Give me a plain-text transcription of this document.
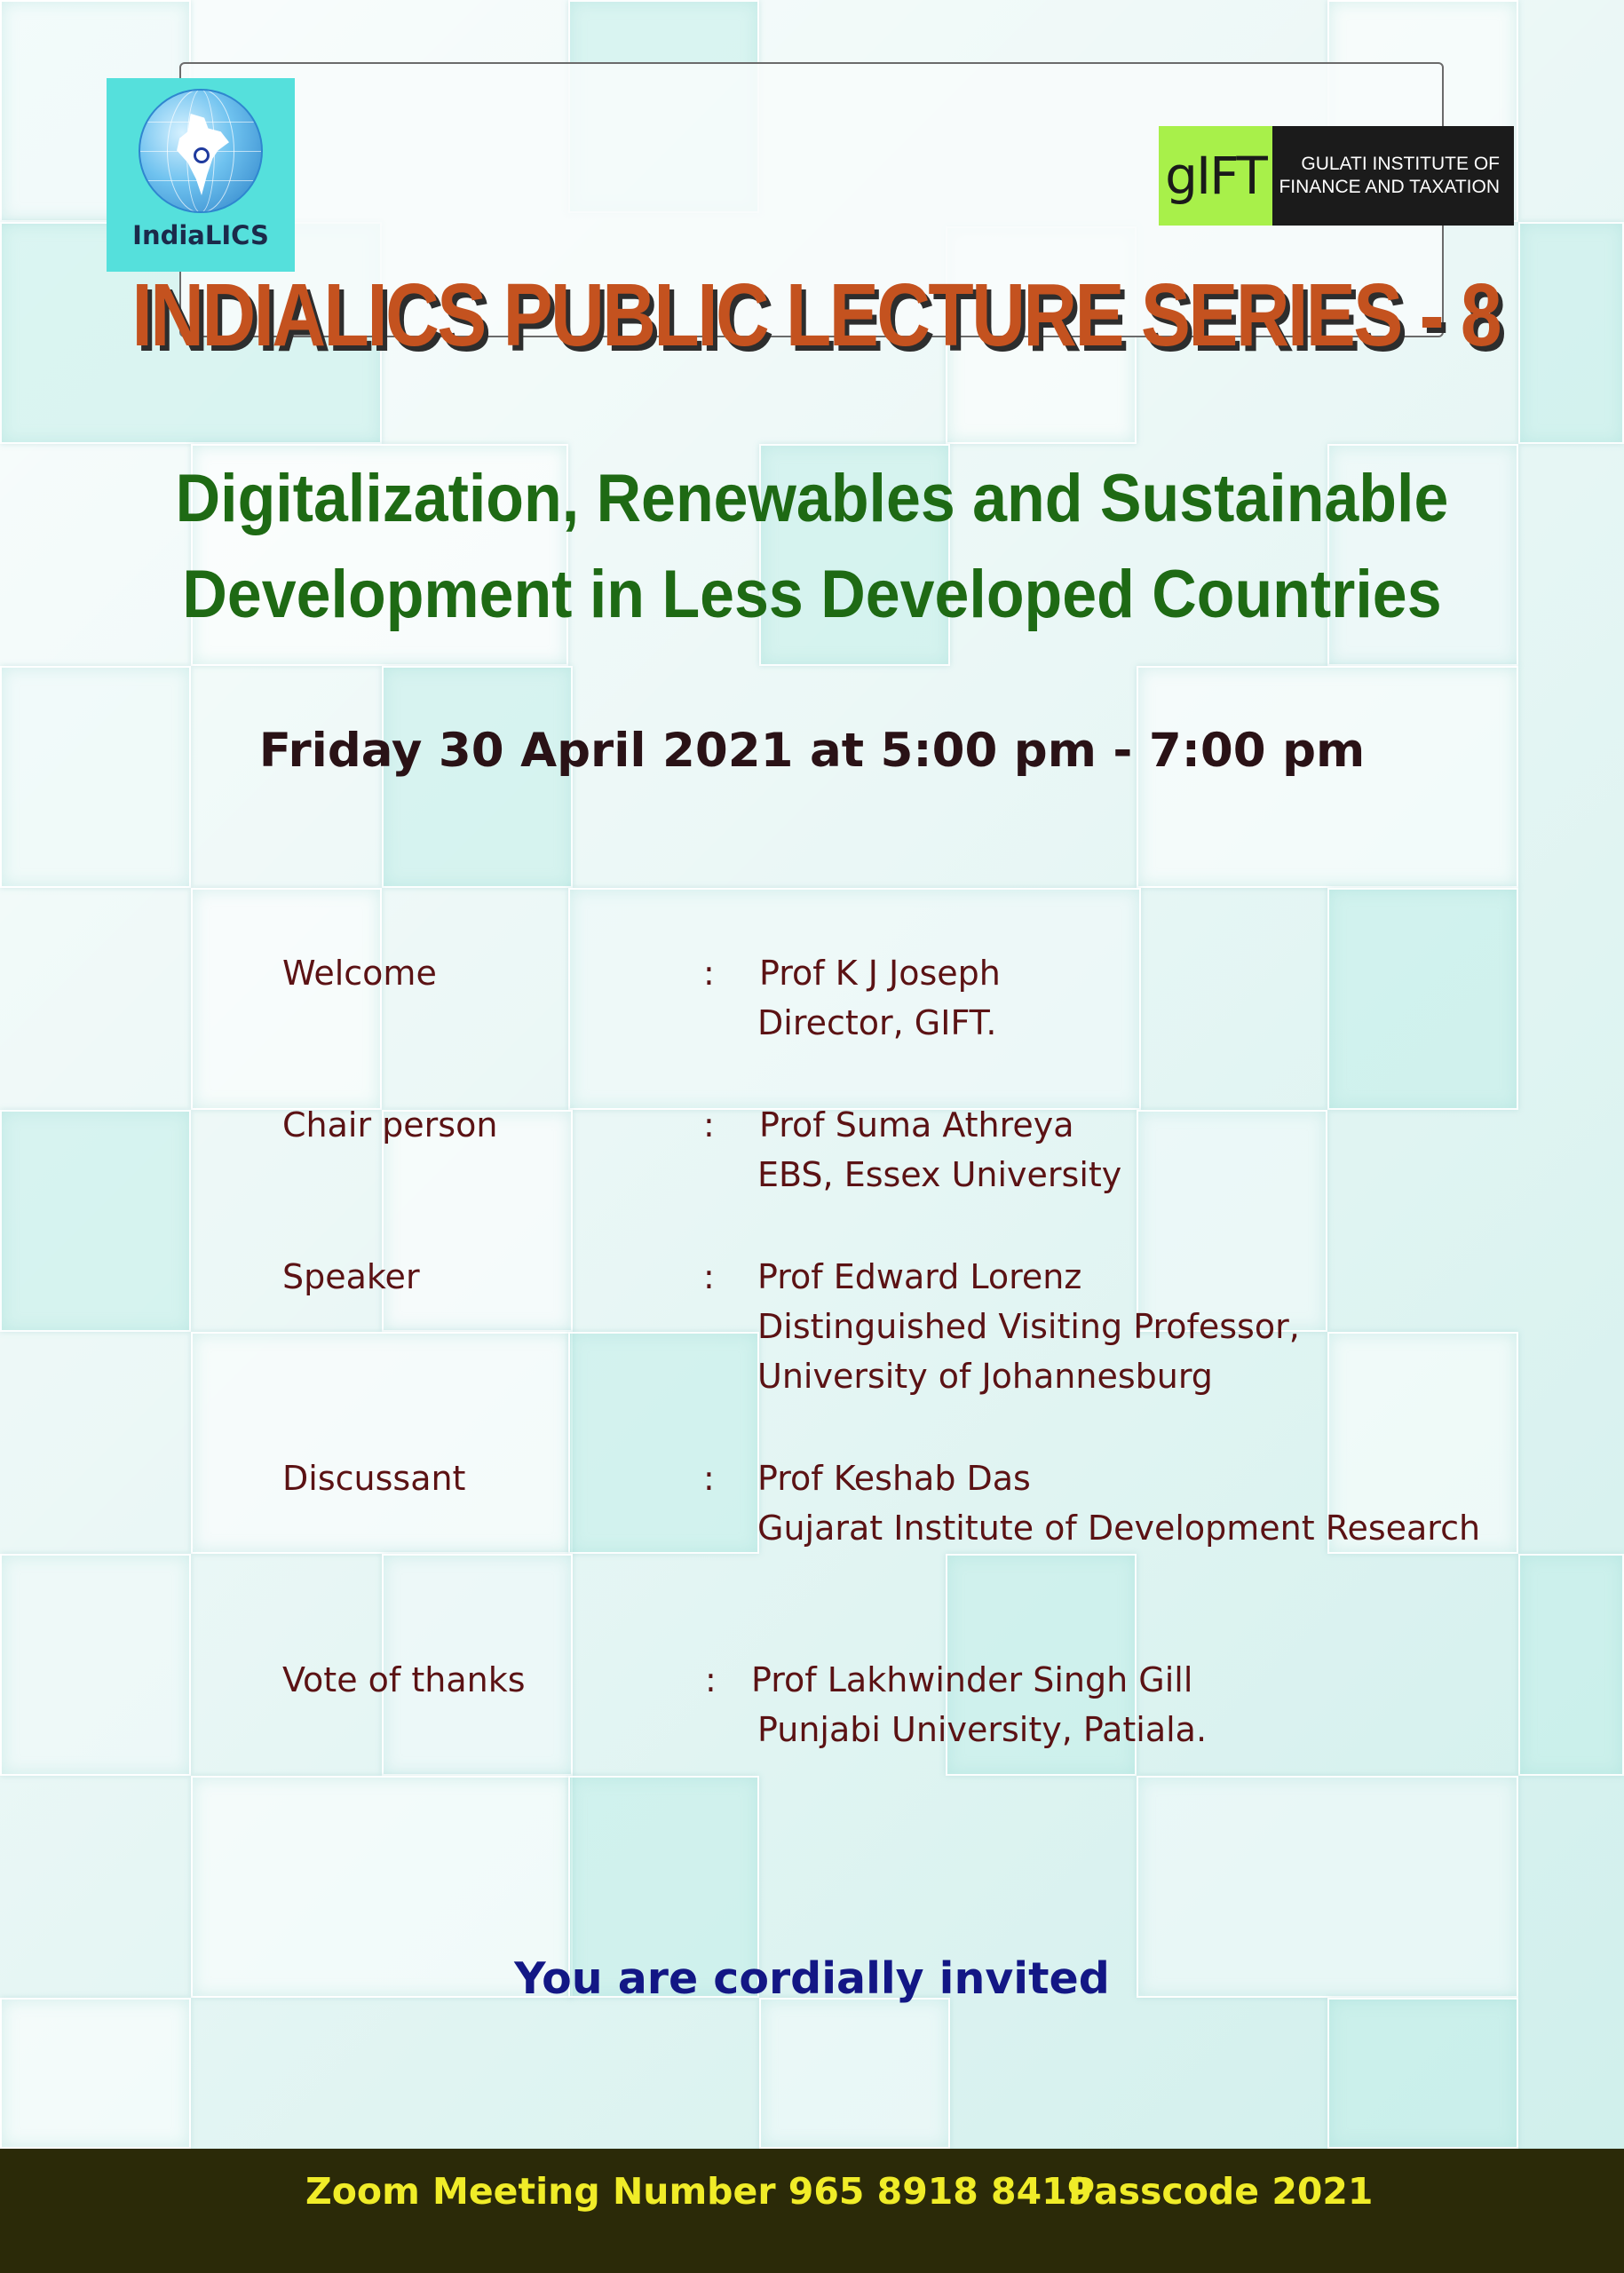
IndiaLICS
gIFT	GULATI INSTITUTE OF
FINANCE AND TAXATION
INDIALICS PUBLIC LECTURE SERIES - 8
Digitalization, Renewables and Sustainable
Development in Less Developed Countries
Friday 30 April 2021 at 5:00 pm - 7:00 pm
Welcome	: Prof K J Joseph
Director, GIFT.
Chair person	: Prof Suma Athreya
EBS, Essex University
Speaker	: Prof Edward Lorenz
Distinguished Visiting Professor,
University of Johannesburg
Discussant	: Prof Keshab Das
Gujarat Institute of Development Research
Vote of thanks	: Prof Lakhwinder Singh Gill
Punjabi University, Patiala.
You are cordially invited
Zoom Meeting Number 965 8918 8419
Passcode 2021
